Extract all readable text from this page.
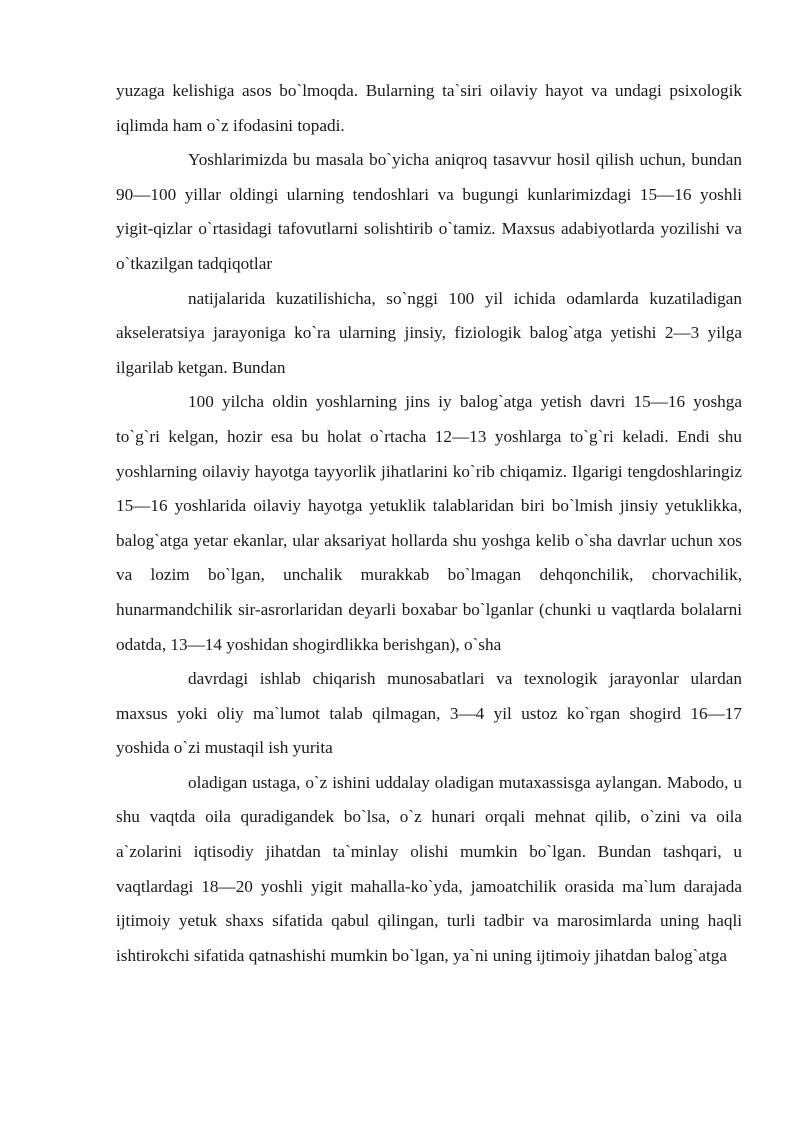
yuzaga kelishiga asos bo`lmoqda. Bularning ta`siri oilaviy hayot va undagi psixologik iqlimda ham o`z ifodasini topadi.

Yoshlarimizda bu masala bo`yicha aniqroq tasavvur hosil qilish uchun, bundan 90—100 yillar oldingi ularning tendoshlari va bugungi kunlarimizdagi 15—16 yoshli yigit-qizlar o`rtasidagi tafovutlarni solishtirib o`tamiz. Maxsus adabiyotlarda yozilishi va o`tkazilgan tadqiqotlar

natijalarida kuzatilishicha, so`nggi 100 yil ichida odamlarda kuzatiladigan akseleratsiya jarayoniga ko`ra ularning jinsiy, fiziologik balog`atga yetishi 2—3 yilga ilgarilab ketgan. Bundan

100 yilcha oldin yoshlarning jins iy balog`atga yetish davri 15—16 yoshga to`g`ri kelgan, hozir esa bu holat o`rtacha 12—13 yoshlarga to`g`ri keladi. Endi shu yoshlarning oilaviy hayotga tayyorlik jihatlarini ko`rib chiqamiz. Ilgarigi tengdoshlaringiz 15—16 yoshlarida oilaviy hayotga yetuklik talablaridan biri bo`lmish jinsiy yetuklikka, balog`atga yetar ekanlar, ular aksariyat hollarda shu yoshga kelib o`sha davrlar uchun xos va lozim bo`lgan, unchalik murakkab bo`lmagan dehqonchilik, chorvachilik, hunarmandchilik sir-asrorlaridan deyarli boxabar bo`lganlar (chunki u vaqtlarda bolalarni odatda, 13—14 yoshidan shogirdlikka berishgan), o`sha

davrdagi ishlab chiqarish munosabatlari va texnologik jarayonlar ulardan maxsus yoki oliy ma`lumot talab qilmagan, 3—4 yil ustoz ko`rgan shogird 16—17 yoshida o`zi mustaqil ish yurita

oladigan ustaga, o`z ishini uddalay oladigan mutaxassisga aylangan. Mabodo, u shu vaqtda oila quradigandek bo`lsa, o`z hunari orqali mehnat qilib, o`zini va oila a`zolarini iqtisodiy jihatdan ta`minlay olishi mumkin bo`lgan. Bundan tashqari, u vaqtlardagi 18—20 yoshli yigit mahalla-ko`yda, jamoatchilik orasida ma`lum darajada ijtimoiy yetuk shaxs sifatida qabul qilingan, turli tadbir va marosimlarda uning haqli ishtirokchi sifatida qatnashishi mumkin bo`lgan, ya`ni uning ijtimoiy jihatdan balog`atga
